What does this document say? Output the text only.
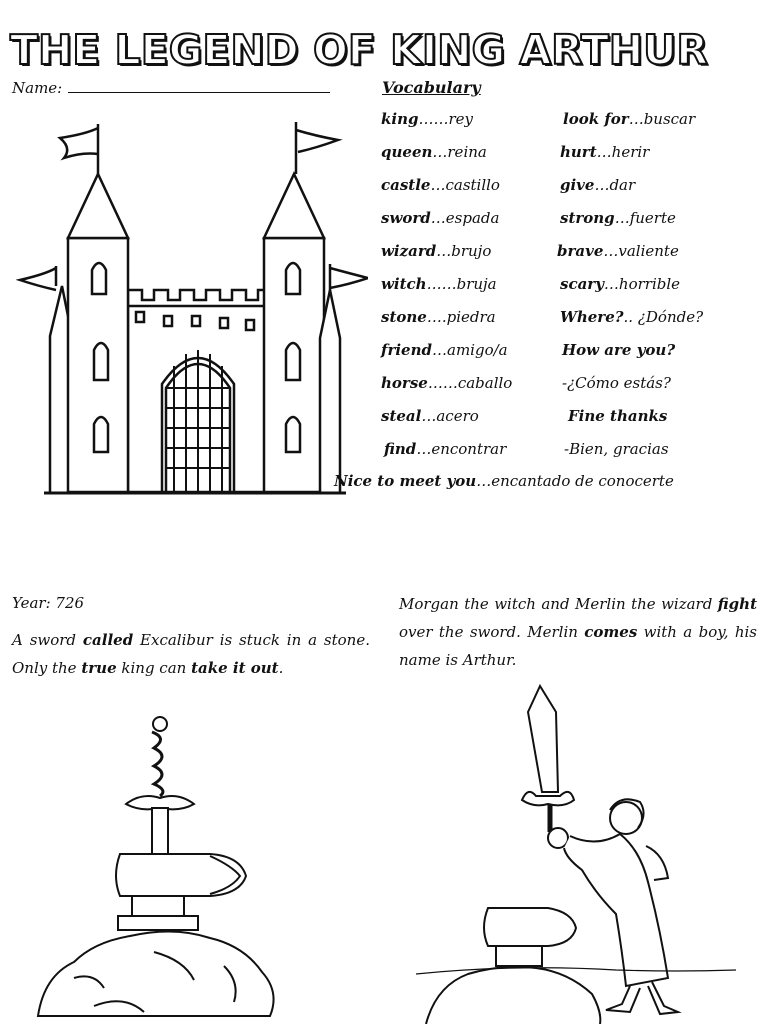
THE LEGEND OF KING ARTHUR
Name:	Vocabulary
king……rey
queen…reina
castle…castillo
sword…espada
wizard…brujo
witch……bruja
stone….piedra
friend…amigo/a
horse……caballo
steal…acero
find…encontrar
look for…buscar
hurt…herir
give…dar
strong…fuerte
brave…valiente
scary…horrible
Where?.. ¿Dónde?
How are you?
-¿Cómo estás?
Fine thanks
-Bien, gracias
Nice to meet you…encantado de conocerte
Year: 726

A sword called Excalibur is stuck in a stone. Only the true king can take it out.

Morgan the witch and Merlin the wizard fight over the sword. Merlin comes with a boy, his name is Arthur.
